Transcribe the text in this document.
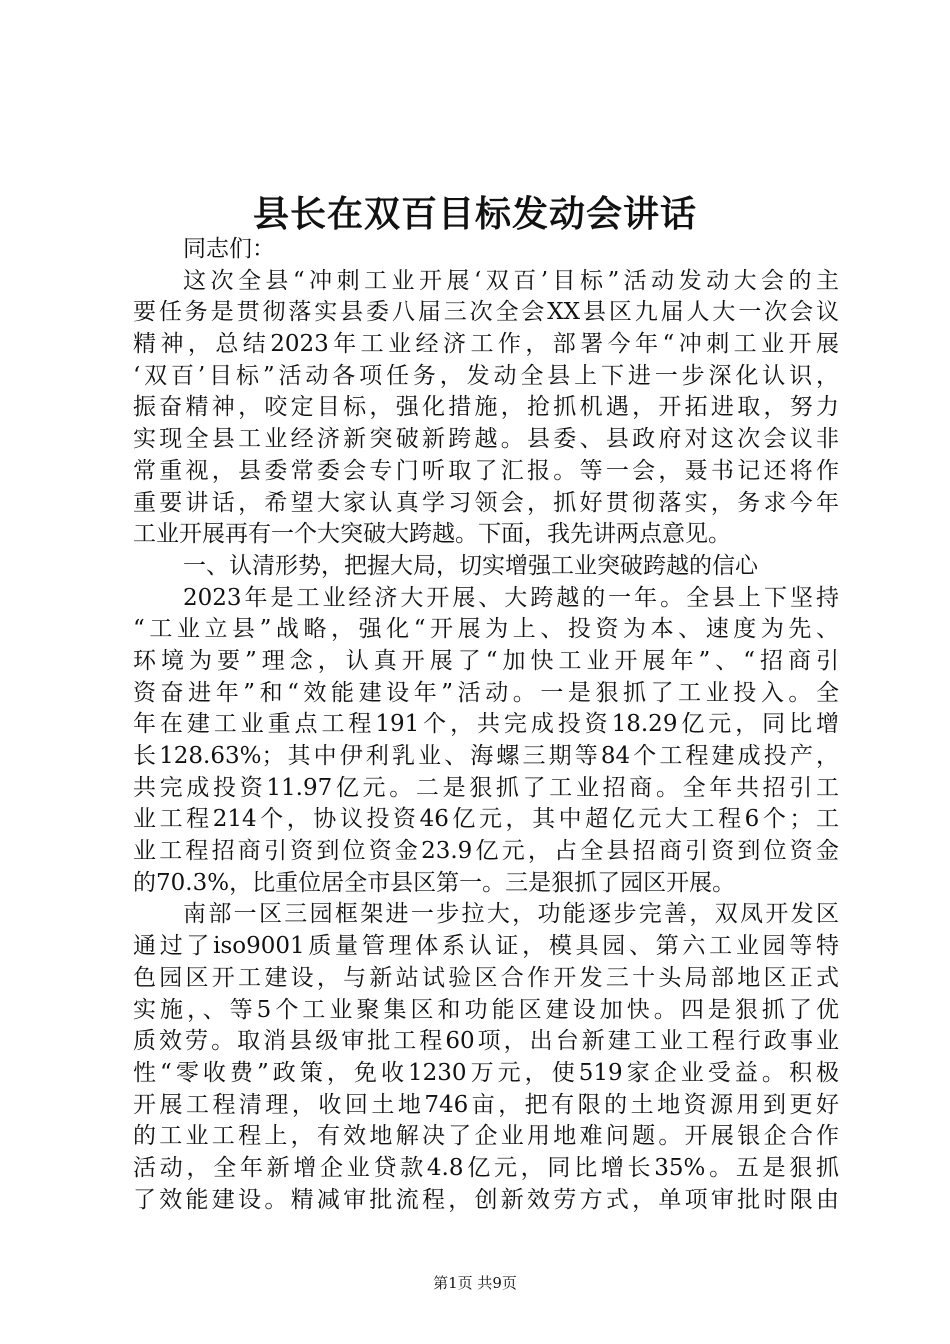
县长在双百目标发动会讲话
同志们：
这次全县“冲刺工业开展‘双百’目标”活动发动大会的主
要任务是贯彻落实县委八届三次全会XX县区九届人大一次会议
精神，总结2023年工业经济工作，部署今年“冲刺工业开展
‘双百’目标”活动各项任务，发动全县上下进一步深化认识，
振奋精神，咬定目标，强化措施，抢抓机遇，开拓进取，努力
实现全县工业经济新突破新跨越。县委、县政府对这次会议非
常重视，县委常委会专门听取了汇报。等一会，聂书记还将作
重要讲话，希望大家认真学习领会，抓好贯彻落实，务求今年
工业开展再有一个大突破大跨越。下面，我先讲两点意见。
一、认清形势，把握大局，切实增强工业突破跨越的信心
2023年是工业经济大开展、大跨越的一年。全县上下坚持
“工业立县”战略，强化“开展为上、投资为本、速度为先、
环境为要”理念，认真开展了“加快工业开展年”、“招商引
资奋进年”和“效能建设年”活动。一是狠抓了工业投入。全
年在建工业重点工程191个，共完成投资18.29亿元，同比增
长128.63%；其中伊利乳业、海螺三期等84个工程建成投产，
共完成投资11.97亿元。二是狠抓了工业招商。全年共招引工
业工程214个，协议投资46亿元，其中超亿元大工程6个；工
业工程招商引资到位资金23.9亿元，占全县招商引资到位资金
的70.3%，比重位居全市县区第一。三是狠抓了园区开展。
南部一区三园框架进一步拉大，功能逐步完善，双凤开发区
通过了iso9001质量管理体系认证，模具园、第六工业园等特
色园区开工建设，与新站试验区合作开发三十头局部地区正式
实施，、等5个工业聚集区和功能区建设加快。四是狠抓了优
质效劳。取消县级审批工程60项，出台新建工业工程行政事业
性“零收费”政策，免收1230万元，使519家企业受益。积极
开展工程清理，收回土地746亩，把有限的土地资源用到更好
的工业工程上，有效地解决了企业用地难问题。开展银企合作
活动，全年新增企业贷款4.8亿元，同比增长35%。五是狠抓
了效能建设。精减审批流程，创新效劳方式，单项审批时限由
第1页 共9页
